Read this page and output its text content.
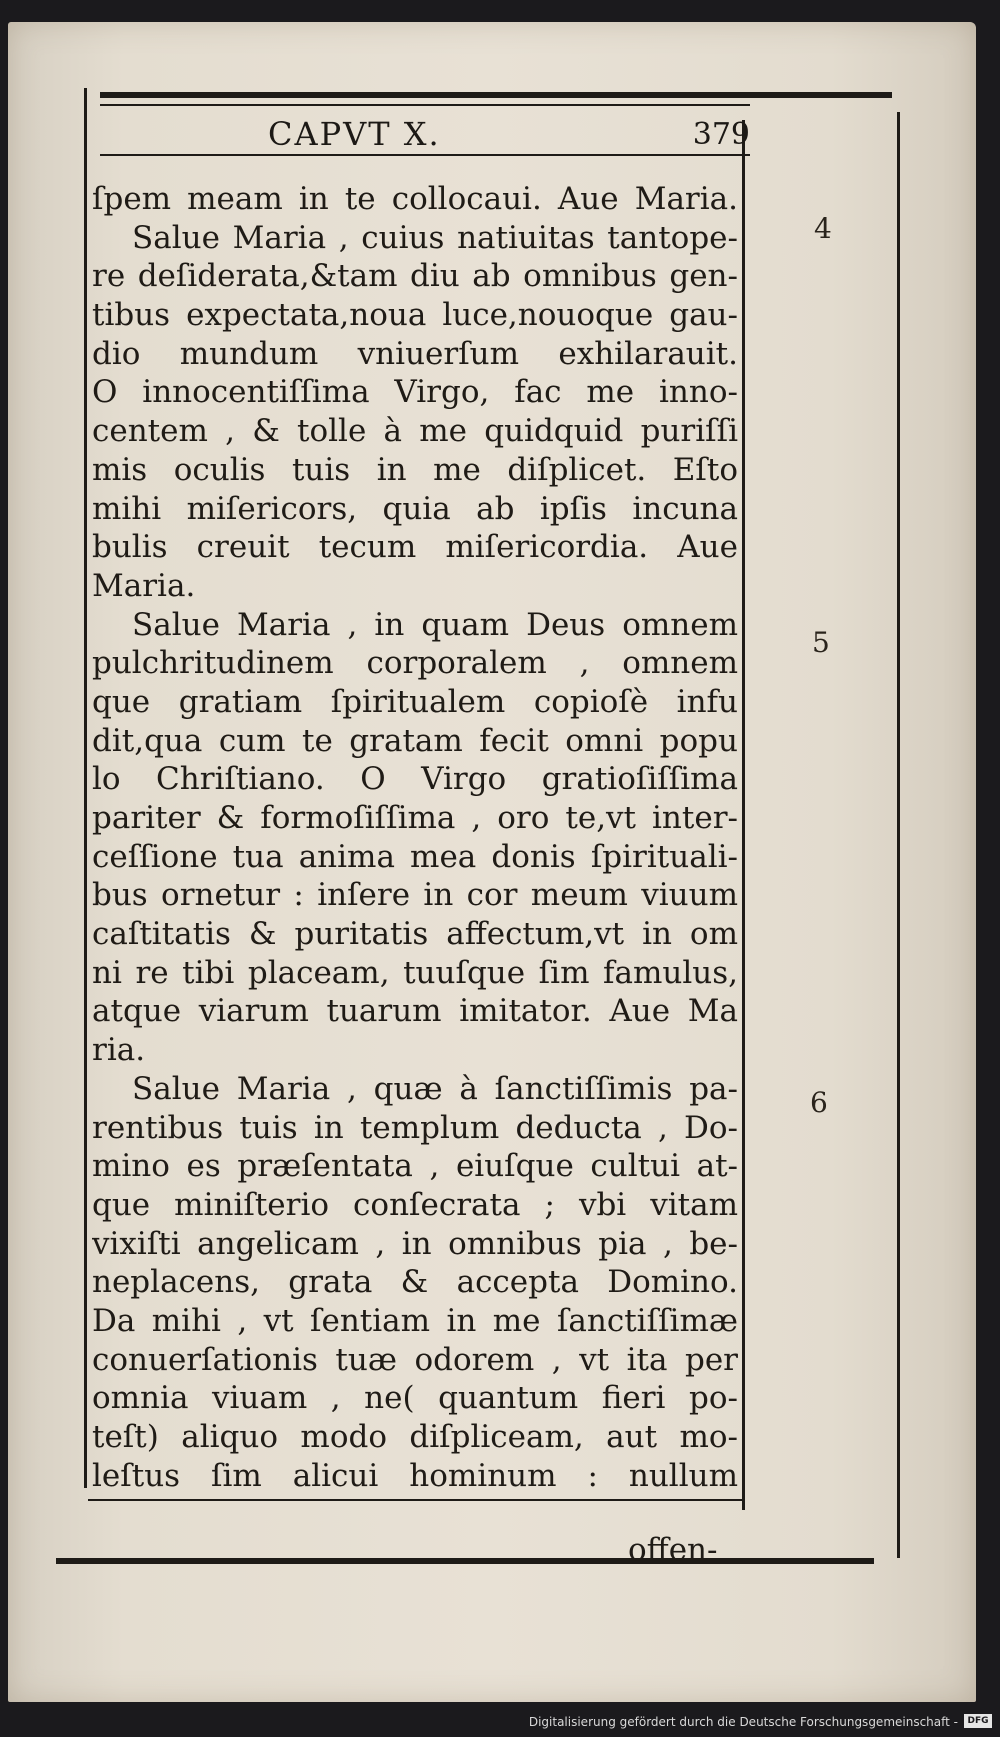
CAPVT X.	379
ſpem meam in te collocaui. Aue Maria.
Salue Maria , cuius natiuitas tantope-
re deſiderata,&tam diu ab omnibus gen-
tibus expectata,noua luce,nouoque gau-
dio mundum vniuerſum exhilarauit.
O innocentiſſima Virgo, fac me inno-
centem , & tolle à me quidquid puriſſi
mis oculis tuis in me diſplicet. Eſto
mihi miſericors, quia ab ipſis incuna
bulis creuit tecum miſericordia. Aue
Maria.
Salue Maria , in quam Deus omnem
pulchritudinem corporalem , omnem
que gratiam ſpiritualem copioſè infu
dit,qua cum te gratam fecit omni popu
lo Chriſtiano. O Virgo gratioſiſſima
pariter & formoſiſſima , oro te,vt inter-
ceſſione tua anima mea donis ſpirituali-
bus ornetur : inſere in cor meum viuum
caſtitatis & puritatis affectum,vt in om
ni re tibi placeam, tuuſque ſim famulus,
atque viarum tuarum imitator. Aue Ma
ria.
Salue Maria , quæ à ſanctiſſimis pa-
rentibus tuis in templum deducta , Do-
mino es præſentata , eiuſque cultui at-
que miniſterio conſecrata ; vbi vitam
vixiſti angelicam , in omnibus pia , be-
neplacens, grata & accepta Domino.
Da mihi , vt ſentiam in me ſanctiſſimæ
conuerſationis tuæ odorem , vt ita per
omnia viuam , ne( quantum fieri po-
teſt) aliquo modo diſpliceam, aut mo-
leſtus ſim alicui hominum : nullum
4
5
6
offen-
Digitalisierung gefördert durch die Deutsche Forschungsgemeinschaft -	DFG
